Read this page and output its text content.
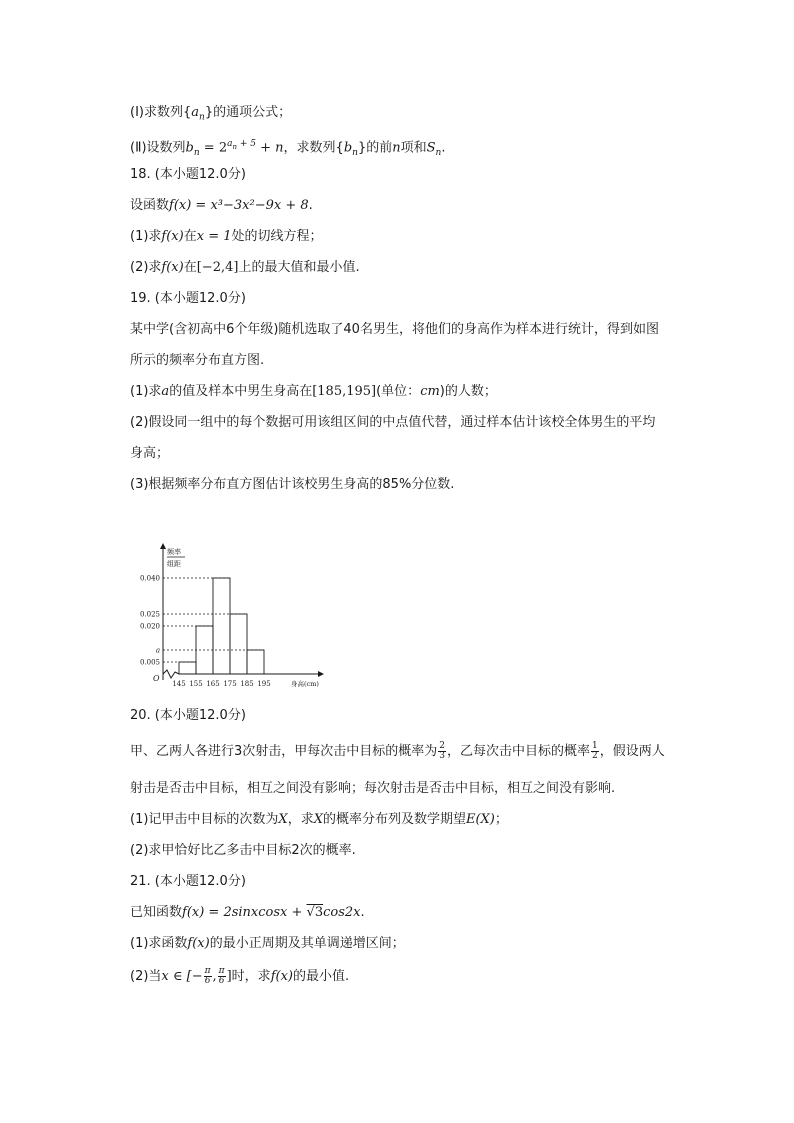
(Ⅰ)求数列$\{a_n\}$的通项公式；
(Ⅱ)设数列$b_n = 2^{a_n + 5} + n$，求数列$\{b_n\}$的前n项和$S_n$.
18. (本小题12.0分)
设函数f(x) = x³−3x²−9x + 8.
(1)求f(x)在x = 1处的切线方程；
(2)求f(x)在[−2,4]上的最大值和最小值.
19. (本小题12.0分)
某中学(含初高中6个年级)随机选取了40名男生，将他们的身高作为样本进行统计，得到如图
所示的频率分布直方图.
(1)求a的值及样本中男生身高在[185,195](单位：cm)的人数；
(2)假设同一组中的每个数据可用该组区间的中点值代替，通过样本估计该校全体男生的平均
身高；
(3)根据频率分布直方图估计该校男生身高的85%分位数.
频率
组距
O
身高(cm)
0.040
0.025
0.020
a
0.005
145 155 165 175 185 195
20. (本小题12.0分)
甲、乙两人各进行3次射击，甲每次击中目标的概率为 $\frac{2}{3}$ ，乙每次击中目标的概率 $\frac{1}{2}$ ，假设两人
射击是否击中目标，相互之间没有影响；每次射击是否击中目标，相互之间没有影响.
(1)记甲击中目标的次数为X，求X的概率分布列及数学期望E(X)；
(2)求甲恰好比乙多击中目标2次的概率.
21. (本小题12.0分)
已知函数f(x) = 2sinxcosx + √3cos2x.
(1)求函数f(x)的最小正周期及其单调递增区间；
(2)当x ∈ [− $\frac{\pi}{6}$ , $\frac{\pi}{6}$ ]时，求f(x)的最小值.
